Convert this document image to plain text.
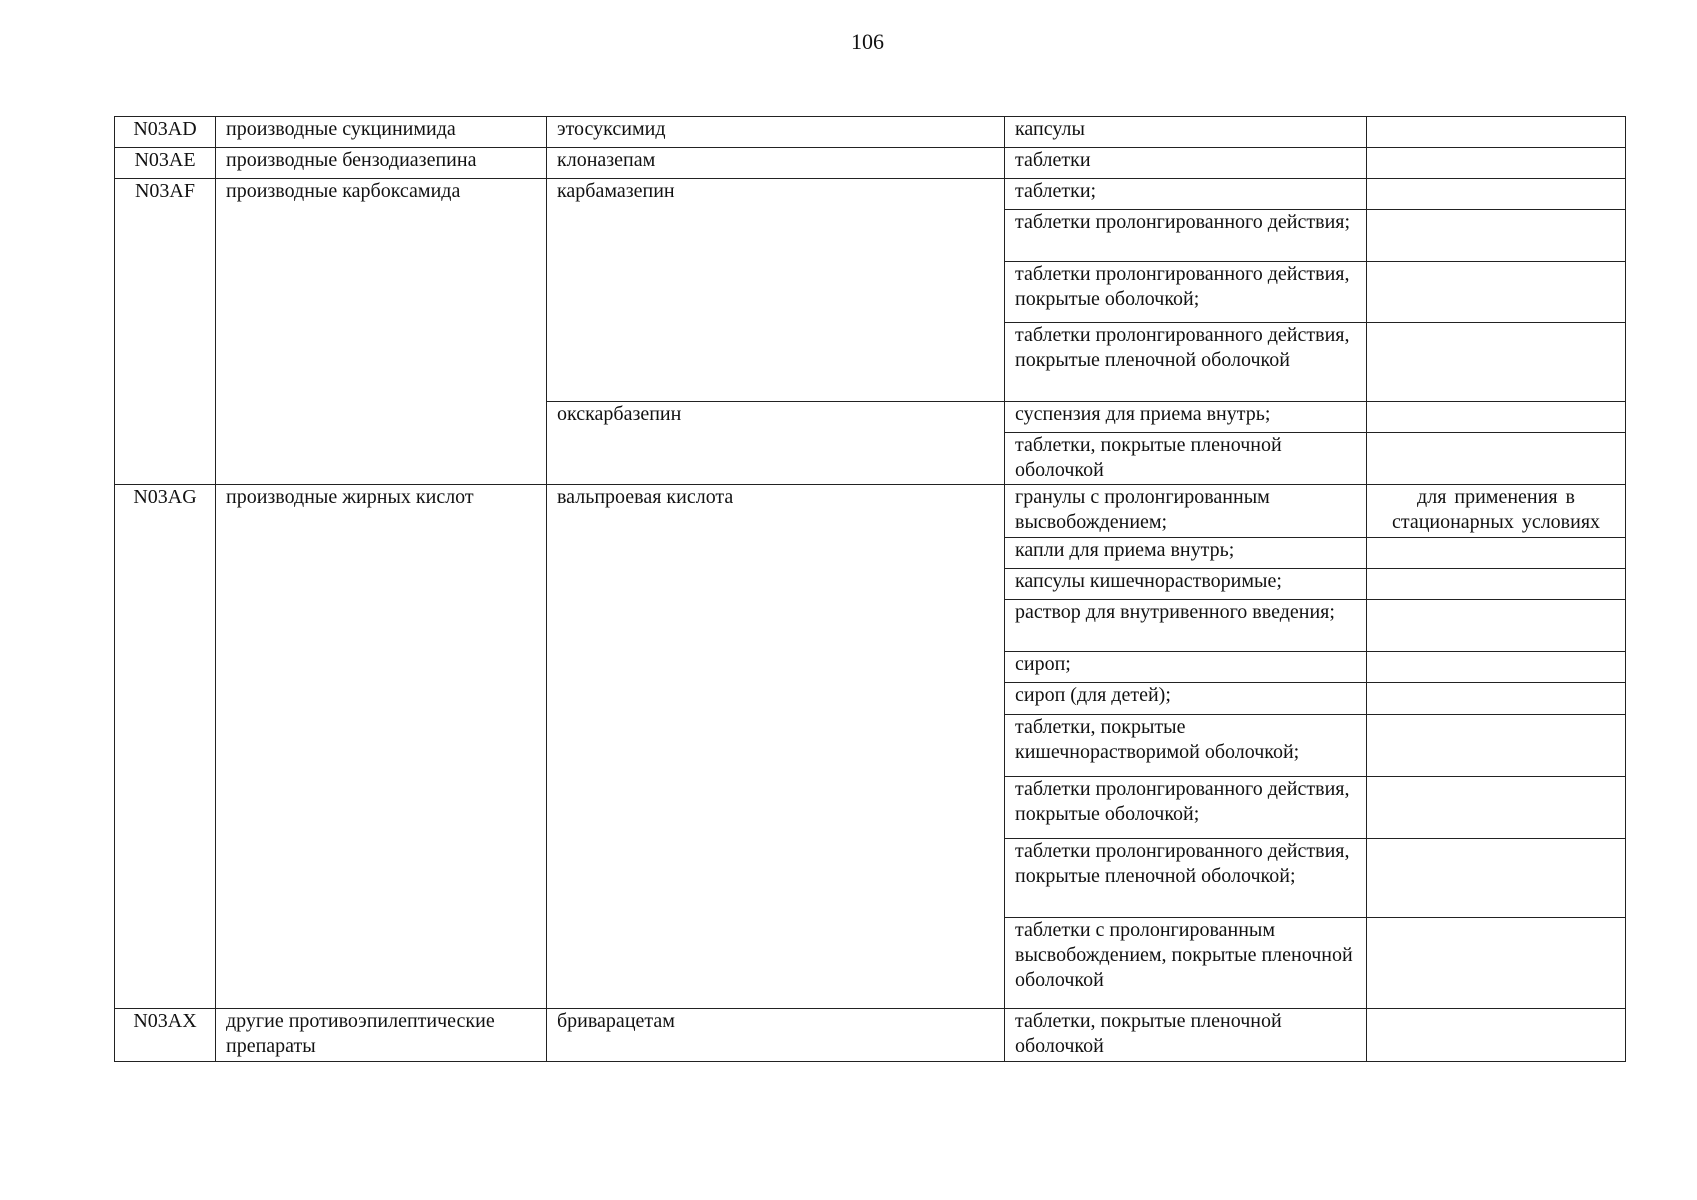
106
N03AD	производные сукцинимида	этосуксимид	капсулы	
N03AE	производные бензодиазепина	клоназепам	таблетки	
N03AF	производные карбоксамида	карбамазепин	таблетки;	
			таблетки пролонгированного действия;	
			таблетки пролонгированного действия, покрытые оболочкой;	
			таблетки пролонгированного действия, покрытые пленочной оболочкой	
		окскарбазепин	суспензия для приема внутрь;	
			таблетки, покрытые пленочной оболочкой	
N03AG	производные жирных кислот	вальпроевая кислота	гранулы с пролонгированным высвобождением;	для применения в стационарных условиях
			капли для приема внутрь;	
			капсулы кишечнорастворимые;	
			раствор для внутривенного введения;	
			сироп;	
			сироп (для детей);	
			таблетки, покрытые кишечнорастворимой оболочкой;	
			таблетки пролонгированного действия, покрытые оболочкой;	
			таблетки пролонгированного действия, покрытые пленочной оболочкой;	
			таблетки с пролонгированным высвобождением, покрытые пленочной оболочкой	
N03AX	другие противоэпилептические препараты	бриварацетам	таблетки, покрытые пленочной оболочкой	
